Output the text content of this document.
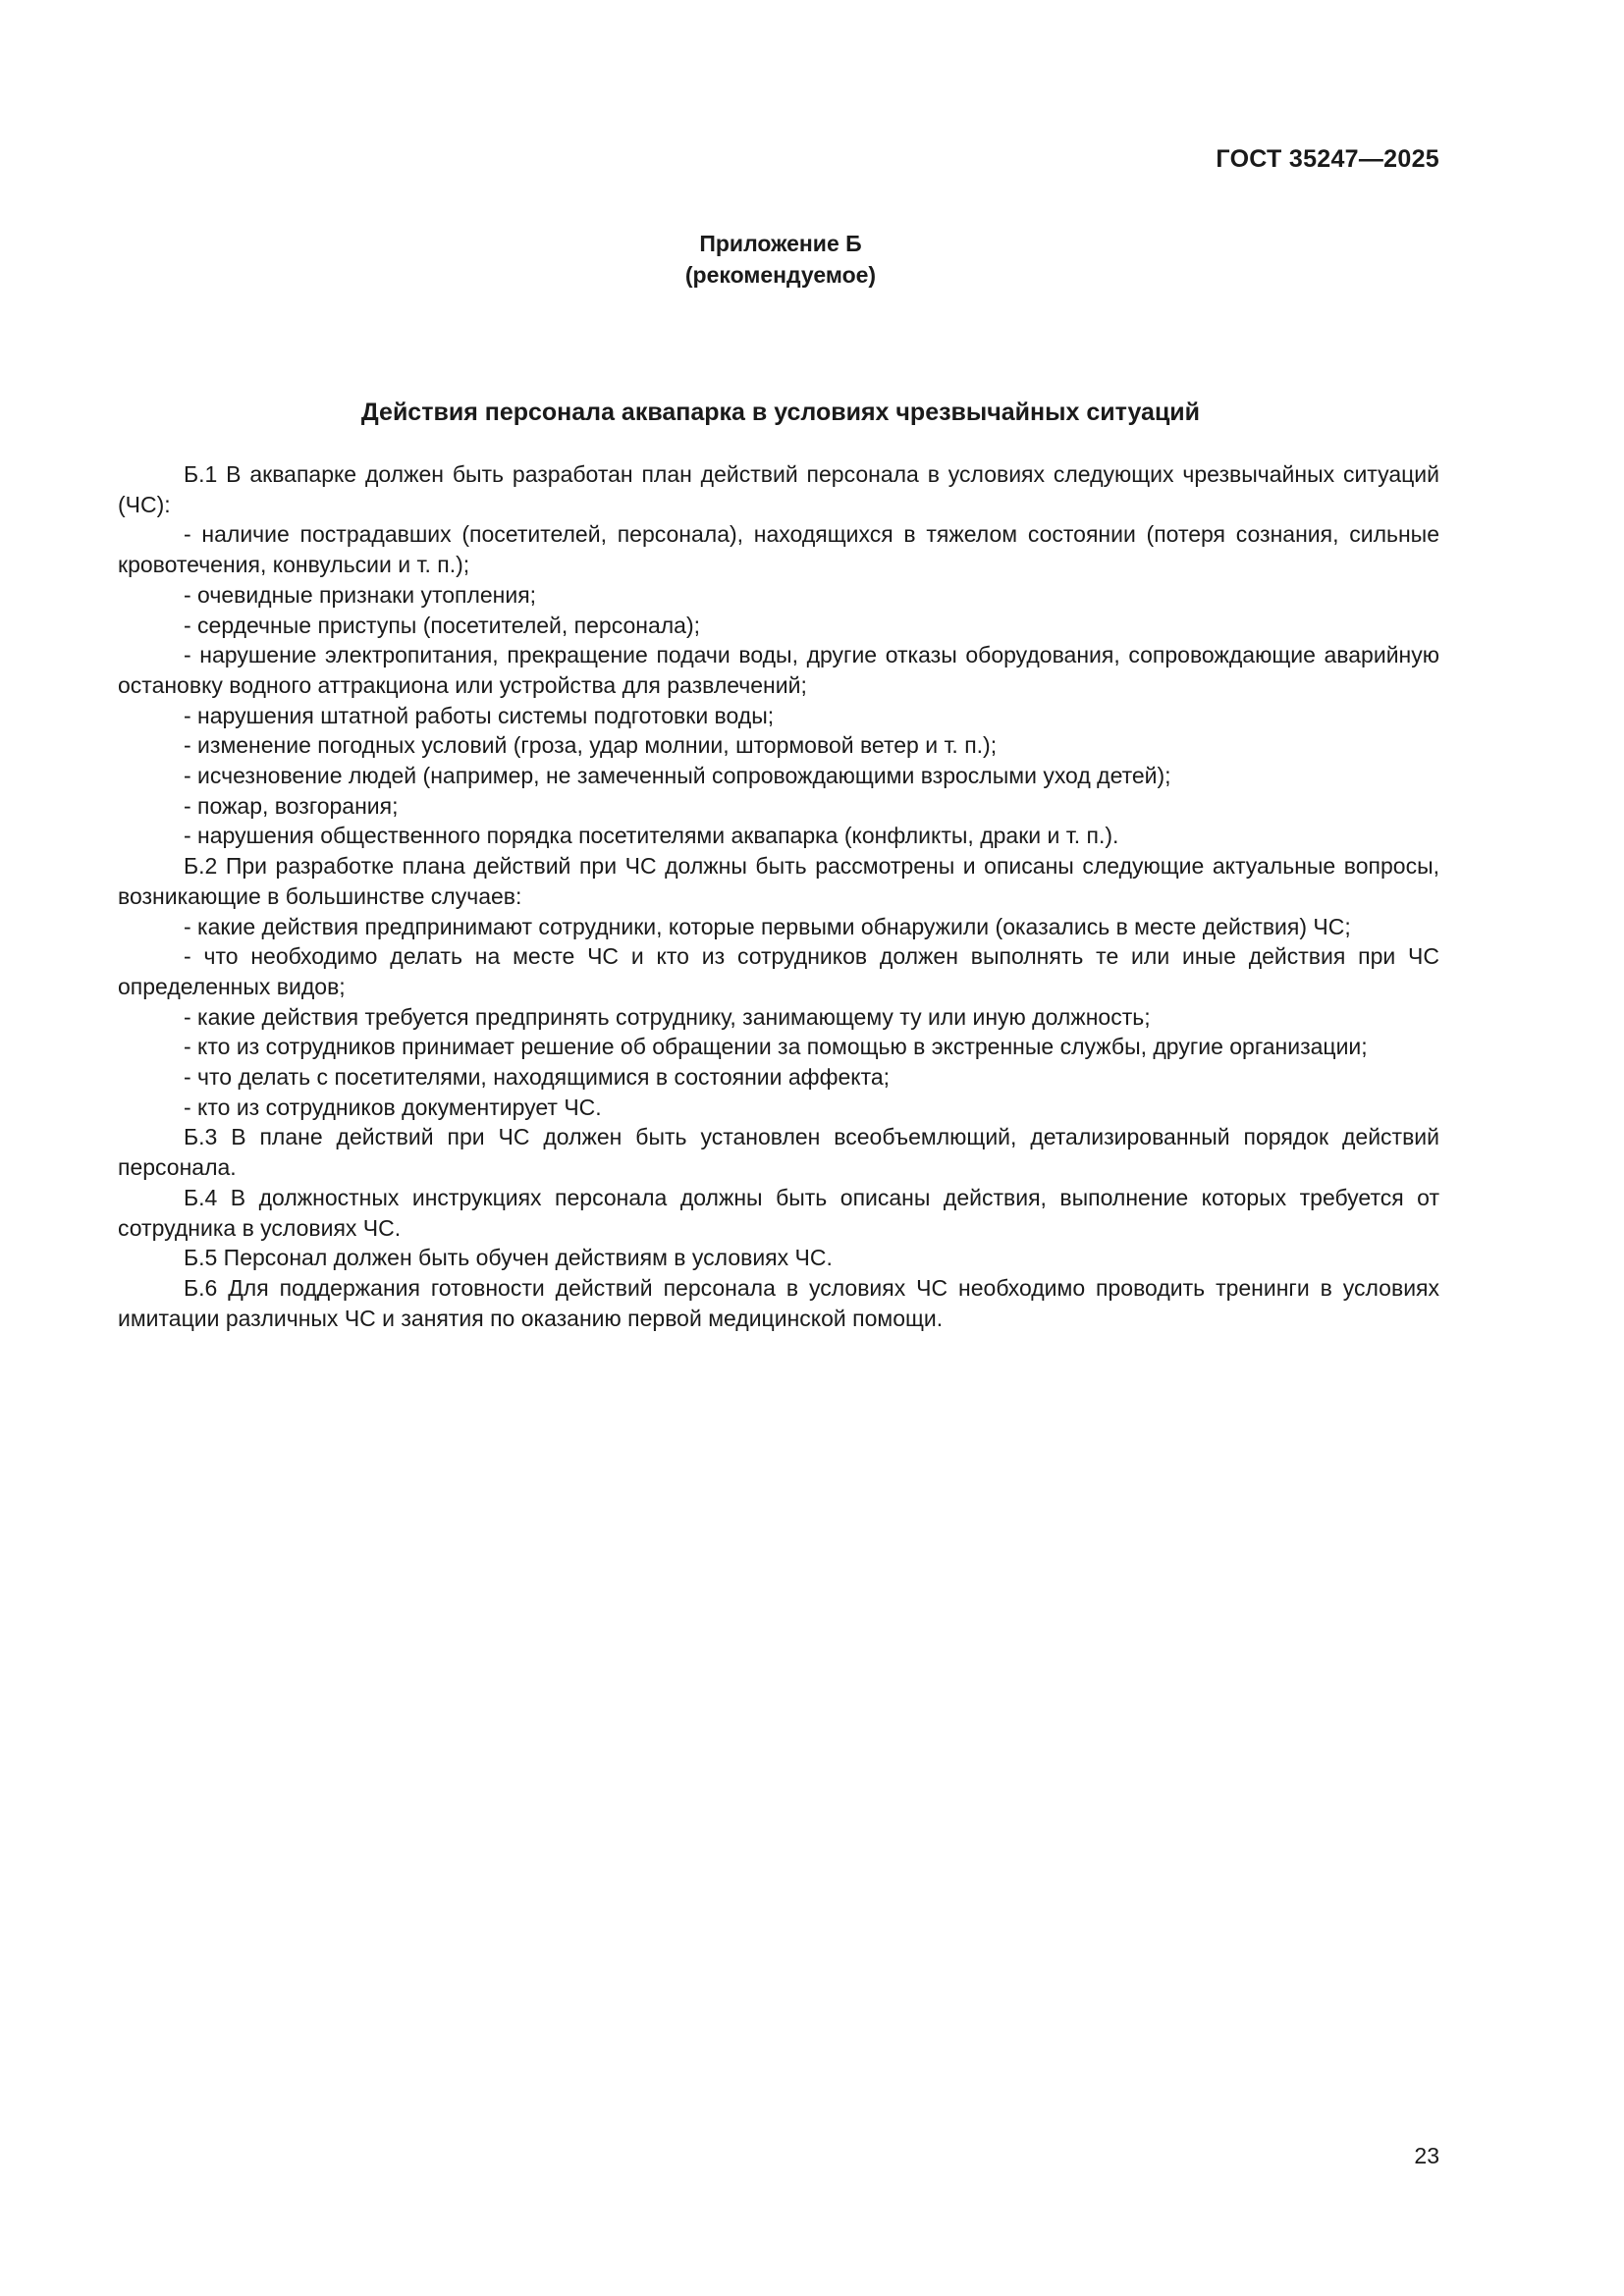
ГОСТ 35247—2025
Приложение Б
(рекомендуемое)
Действия персонала аквапарка в условиях чрезвычайных ситуаций

Б.1 В аквапарке должен быть разработан план действий персонала в условиях следующих чрезвычайных ситуаций (ЧС):

- наличие пострадавших (посетителей, персонала), находящихся в тяжелом состоянии (потеря сознания, сильные кровотечения, конвульсии и т. п.);

- очевидные признаки утопления;

- сердечные приступы (посетителей, персонала);

- нарушение электропитания, прекращение подачи воды, другие отказы оборудования, сопровождающие аварийную остановку водного аттракциона или устройства для развлечений;

- нарушения штатной работы системы подготовки воды;

- изменение погодных условий (гроза, удар молнии, штормовой ветер и т. п.);

- исчезновение людей (например, не замеченный сопровождающими взрослыми уход детей);

- пожар, возгорания;

- нарушения общественного порядка посетителями аквапарка (конфликты, драки и т. п.).

Б.2 При разработке плана действий при ЧС должны быть рассмотрены и описаны следующие актуальные вопросы, возникающие в большинстве случаев:

- какие действия предпринимают сотрудники, которые первыми обнаружили (оказались в месте действия) ЧС;

- что необходимо делать на месте ЧС и кто из сотрудников должен выполнять те или иные действия при ЧС определенных видов;

- какие действия требуется предпринять сотруднику, занимающему ту или иную должность;

- кто из сотрудников принимает решение об обращении за помощью в экстренные службы, другие организации;

- что делать с посетителями, находящимися в состоянии аффекта;

- кто из сотрудников документирует ЧС.

Б.3 В плане действий при ЧС должен быть установлен всеобъемлющий, детализированный порядок действий персонала.

Б.4 В должностных инструкциях персонала должны быть описаны действия, выполнение которых требуется от сотрудника в условиях ЧС.

Б.5 Персонал должен быть обучен действиям в условиях ЧС.

Б.6 Для поддержания готовности действий персонала в условиях ЧС необходимо проводить тренинги в условиях имитации различных ЧС и занятия по оказанию первой медицинской помощи.

23
